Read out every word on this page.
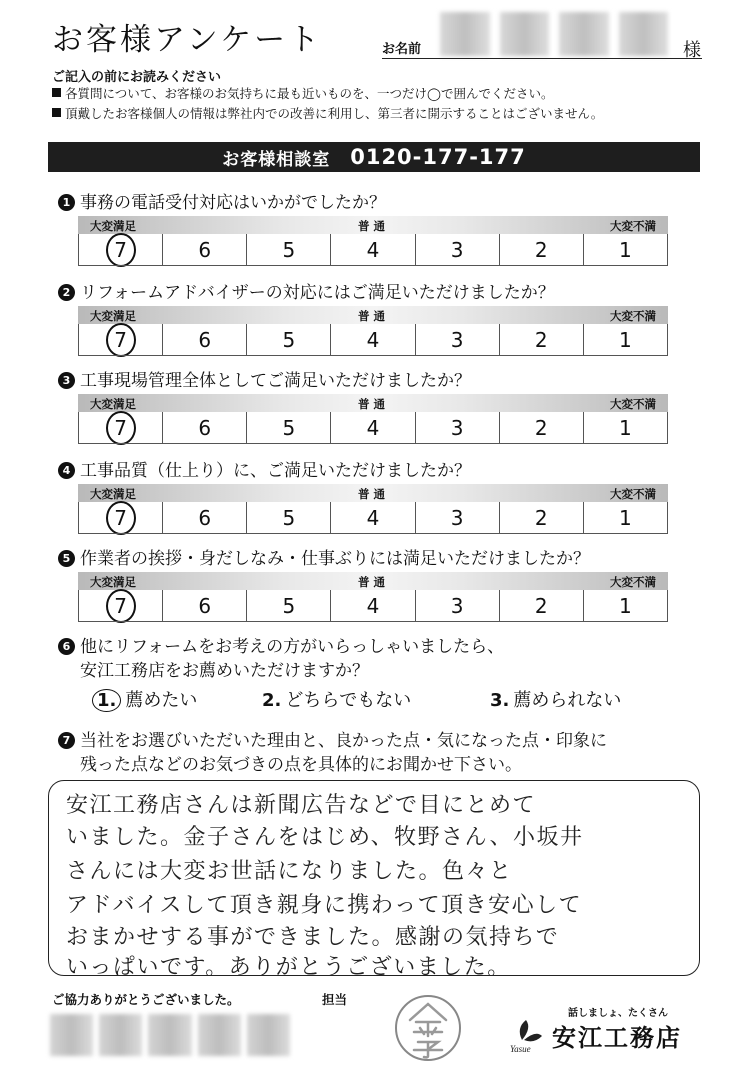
お客様アンケート	お名前	様
ご記入の前にお読みください
各質問について、お客様のお気持ちに最も近いものを、一つだけ◯で囲んでください。
頂戴したお客様個人の情報は弊社内での改善に利用し、第三者に開示することはございません。
お客様相談室 0120-177-177
1 事務の電話受付対応はいかがでしたか？
大変満足	普 通	大変不満
7	6	5	4	3	2	1
2 リフォームアドバイザーの対応にはご満足いただけましたか？
大変満足	普 通	大変不満
7	6	5	4	3	2	1
3 工事現場管理全体としてご満足いただけましたか？
大変満足	普 通	大変不満
7	6	5	4	3	2	1
4 工事品質（仕上り）に、ご満足いただけましたか？
大変満足	普 通	大変不満
7	6	5	4	3	2	1
5 作業者の挨拶・身だしなみ・仕事ぶりには満足いただけましたか？
大変満足	普 通	大変不満
7	6	5	4	3	2	1
6 他にリフォームをお考えの方がいらっしゃいましたら、
安江工務店をお薦めいただけますか？
1. 薦めたい	2. どちらでもない	3. 薦められない
7 当社をお選びいただいた理由と、良かった点・気になった点・印象に
残った点などのお気づきの点を具体的にお聞かせ下さい。
安江工務店さんは新聞広告などで目にとめて
いました。金子さんをはじめ、牧野さん、小坂井
さんには大変お世話になりました。色々と
アドバイスして頂き親身に携わって頂き安心して
おまかせする事ができました。感謝の気持ちで
いっぱいです。ありがとうございました。
ご協力ありがとうございました。	担当
話しましょ、たくさん
Yasue 安江工務店
